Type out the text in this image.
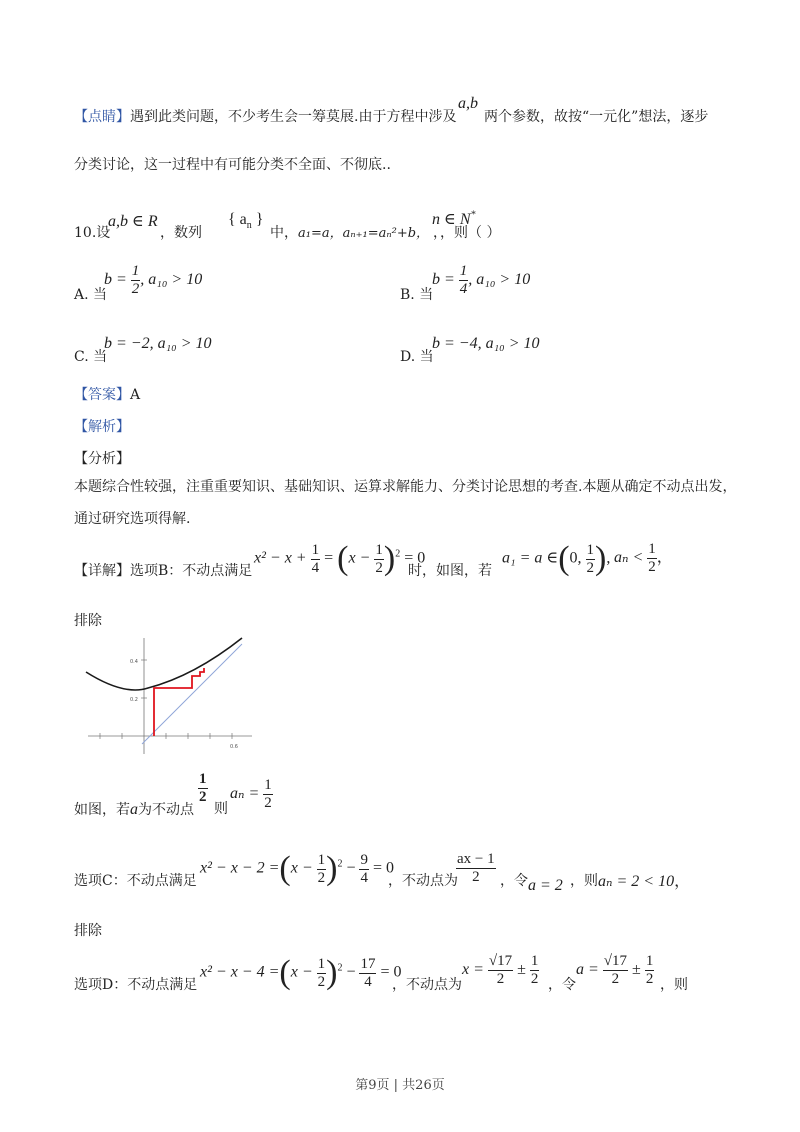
【点睛】遇到此类问题，不少考生会一筹莫展.由于方程中涉及
a,b
两个参数，故按“一元化”想法，逐步
分类讨论，这一过程中有可能分类不全面、不彻底..
10.设
a,b ∈ R
，数列
{ $a_n$ }
中，a₁=a，aₙ₊₁=aₙ²+b，
n ∈ N*
，，则（ ）
A. 当
$b = \frac{1}{2}$ , a₁₀ > 10
B. 当
$b = \frac{1}{4}$ , a₁₀ > 10
C. 当
b = −2, a₁₀ > 10
D. 当
b = −4, a₁₀ > 10
【答案】A
【解析】
【分析】
本题综合性较强，注重重要知识、基础知识、运算求解能力、分类讨论思想的考查.本题从确定不动点出发，
通过研究选项得解.
【详解】选项B：不动点满足
$x^2 - x + \frac{1}{4} = (x - \frac{1}{2} )^2 = 0$
时，如图，若
a₁ = a ∈(0, $\frac{1}{2}$ ), $a_n < \frac{1}{2}$ ，
排除
0.4
0.2
0.6
如图，若a为不动点
$\frac{1}{2}$
则
$a_n = \frac{1}{2}$
选项C：不动点满足
$x^2 - x - 2 =(x - \frac{1}{2} )^2 - \frac{9}{4} = 0$
，不动点为
$\frac{ax - 1}{2}$ ，令 a = 2 ，则 aₙ = 2 < 10，
排除
选项D：不动点满足
$x^2 - x - 4 =(x - \frac{1}{2} )^2 - \frac{17}{4} = 0$
，不动点为
$x = \frac{√17}{2} \pm \frac{1}{2}$ ，令
$a = \frac{√17}{2} \pm \frac{1}{2}$ ，则
第9页 | 共26页
